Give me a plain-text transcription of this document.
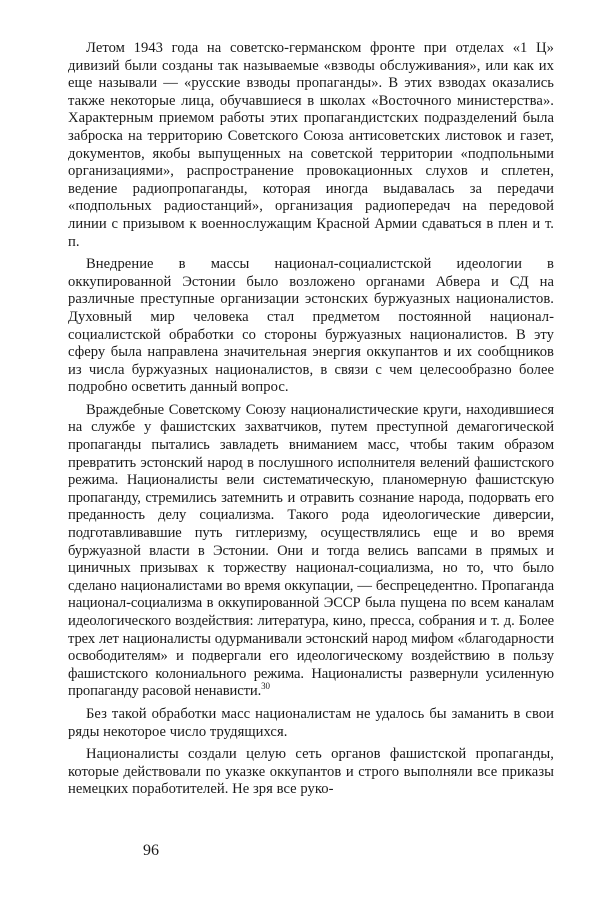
Летом 1943 года на советско-германском фронте при отделах «1 Ц» дивизий были созданы так называемые «взводы обслуживания», или как их еще называли — «русские взводы пропаганды». В этих взводах оказались также некоторые лица, обучавшиеся в школах «Восточного министерства». Характерным приемом работы этих пропагандистских подразделений была заброска на территорию Советского Союза антисоветских листовок и газет, документов, якобы выпущенных на советской территории «подпольными организациями», распространение провокационных слухов и сплетен, ведение радиопропаганды, которая иногда выдавалась за передачи «подпольных радиостанций», организация радиопередач на передовой линии с призывом к военнослужащим Красной Армии сдаваться в плен и т. п.

Внедрение в массы национал-социалистской идеологии в оккупированной Эстонии было возложено органами Абвера и СД на различные преступные организации эстонских буржуазных националистов. Духовный мир человека стал предметом постоянной национал-социалистской обработки со стороны буржуазных националистов. В эту сферу была направлена значительная энергия оккупантов и их сообщников из числа буржуазных националистов, в связи с чем целесообразно более подробно осветить данный вопрос.

Враждебные Советскому Союзу националистические круги, находившиеся на службе у фашистских захватчиков, путем преступной демагогической пропаганды пытались завладеть вниманием масс, чтобы таким образом превратить эстонский народ в послушного исполнителя велений фашистского режима. Националисты вели систематическую, планомерную фашистскую пропаганду, стремились затемнить и отравить сознание народа, подорвать его преданность делу социализма. Такого рода идеологические диверсии, подготавливавшие путь гитлеризму, осуществлялись еще и во время буржуазной власти в Эстонии. Они и тогда велись вапсами в прямых и циничных призывах к торжеству национал-социализма, но то, что было сделано националистами во время оккупации, — беспрецедентно. Пропаганда национал-социализма в оккупированной ЭССР была пущена по всем каналам идеологического воздействия: литература, кино, пресса, собрания и т. д. Более трех лет националисты одурманивали эстонский народ мифом «благодарности освободителям» и подвергали его идеологическому воздействию в пользу фашистского колониального режима. Националисты развернули усиленную пропаганду расовой ненависти.$^{30}$

Без такой обработки масс националистам не удалось бы заманить в свои ряды некоторое число трудящихся.

Националисты создали целую сеть органов фашистской пропаганды, которые действовали по указке оккупантов и строго выполняли все приказы немецких поработителей. Не зря все руко-

96
